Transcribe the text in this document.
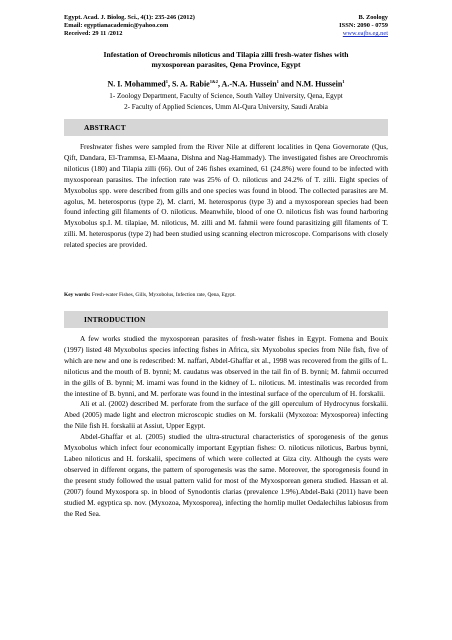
Egypt. Acad. J. Biolog. Sci., 4(1): 235-246 (2012)	B. Zoology
Email: egyptianacademic@yahoo.com	ISSN: 2090 - 0759
Received: 29 11 /2012	www.eajbs.eg.net
Infestation of Oreochromis niloticus and Tilapia zilli fresh-water fishes with
myxosporean parasites, Qena Province, Egypt
N. I. Mohammed$^1$, S. A. Rabie$^{1\&2}$, A.-N.A. Hussein$^1$ and N.M. Hussein$^1$
1- Zoology Department, Faculty of Science, South Valley University, Qena, Egypt
2- Faculty of Applied Sciences, Umm Al-Qura University, Saudi Arabia
ABSTRACT

Freshwater fishes were sampled from the River Nile at different localities in Qena Governorate (Qus, Qift, Dandara, El-Trammsa, El-Maana, Dishna and Nag-Hammady). The investigated fishes are Oreochromis niloticus (180) and Tilapia zilli (66). Out of 246 fishes examined, 61 (24.8%) were found to be infected with myxosporean parasites. The infection rate was 25% of O. niloticus and 24.2% of T. zilli. Eight species of Myxobolus spp. were described from gills and one species was found in blood. The collected parasites are M. agolus, M. heterosporus (type 2), M. clarri, M. heterosporus (type 3) and a myxosporean species had been found infecting gill filaments of O. niloticus. Meanwhile, blood of one O. niloticus fish was found harboring Myxobolus sp.I. M. tilapiae, M. niloticus, M. zilli and M. fahmii were found parasitizing gill filaments of T. zilli. M. heterosporus (type 2) had been studied using scanning electron microscope. Comparisons with closely related species are provided.

Key words: Fresh-water Fishes, Gills, Myxobolus, Infection rate, Qena, Egypt.
INTRODUCTION

A few works studied the myxosporean parasites of fresh-water fishes in Egypt. Fomena and Bouix (1997) listed 48 Myxobolus species infecting fishes in Africa, six Myxobolus species from Nile fish, five of which are new and one is redescribed: M. naffari, Abdel-Ghaffar et al., 1998 was recovered from the gills of L. niloticus and the mouth of B. bynni; M. caudatus was observed in the tail fin of B. bynni; M. fahmii occurred in the gills of B. bynni; M. imami was found in the kidney of L. niloticus. M. intestinalis was recorded from the intestine of B. bynni, and M. perforate was found in the intestinal surface of the operculum of H. forskalii.

Ali et al. (2002) described M. perforate from the surface of the gill operculum of Hydrocynus forskalii. Abed (2005) made light and electron microscopic studies on M. forskalii (Myxozoa: Myxosporea) infecting the Nile fish H. forskalii at Assiut, Upper Egypt.

Abdel-Ghaffar et al. (2005) studied the ultra-structural characteristics of sporogenesis of the genus Myxobolus which infect four economically important Egyptian fishes: O. niloticus niloticus, Barbus bynni, Labeo niloticus and H. forskalii, specimens of which were collected at Giza city. Although the cysts were observed in different organs, the pattern of sporogenesis was the same. Moreover, the sporogenesis found in the present study followed the usual pattern valid for most of the Myxosporean genera studied. Hassan et al. (2007) found Myxospora sp. in blood of Synodontis clarias (prevalence 1.9%).Abdel-Baki (2011) have been studied M. egyptica sp. nov. (Myxozoa, Myxosporea), infecting the hornlip mullet Oedalechilus labiosus from the Red Sea.
